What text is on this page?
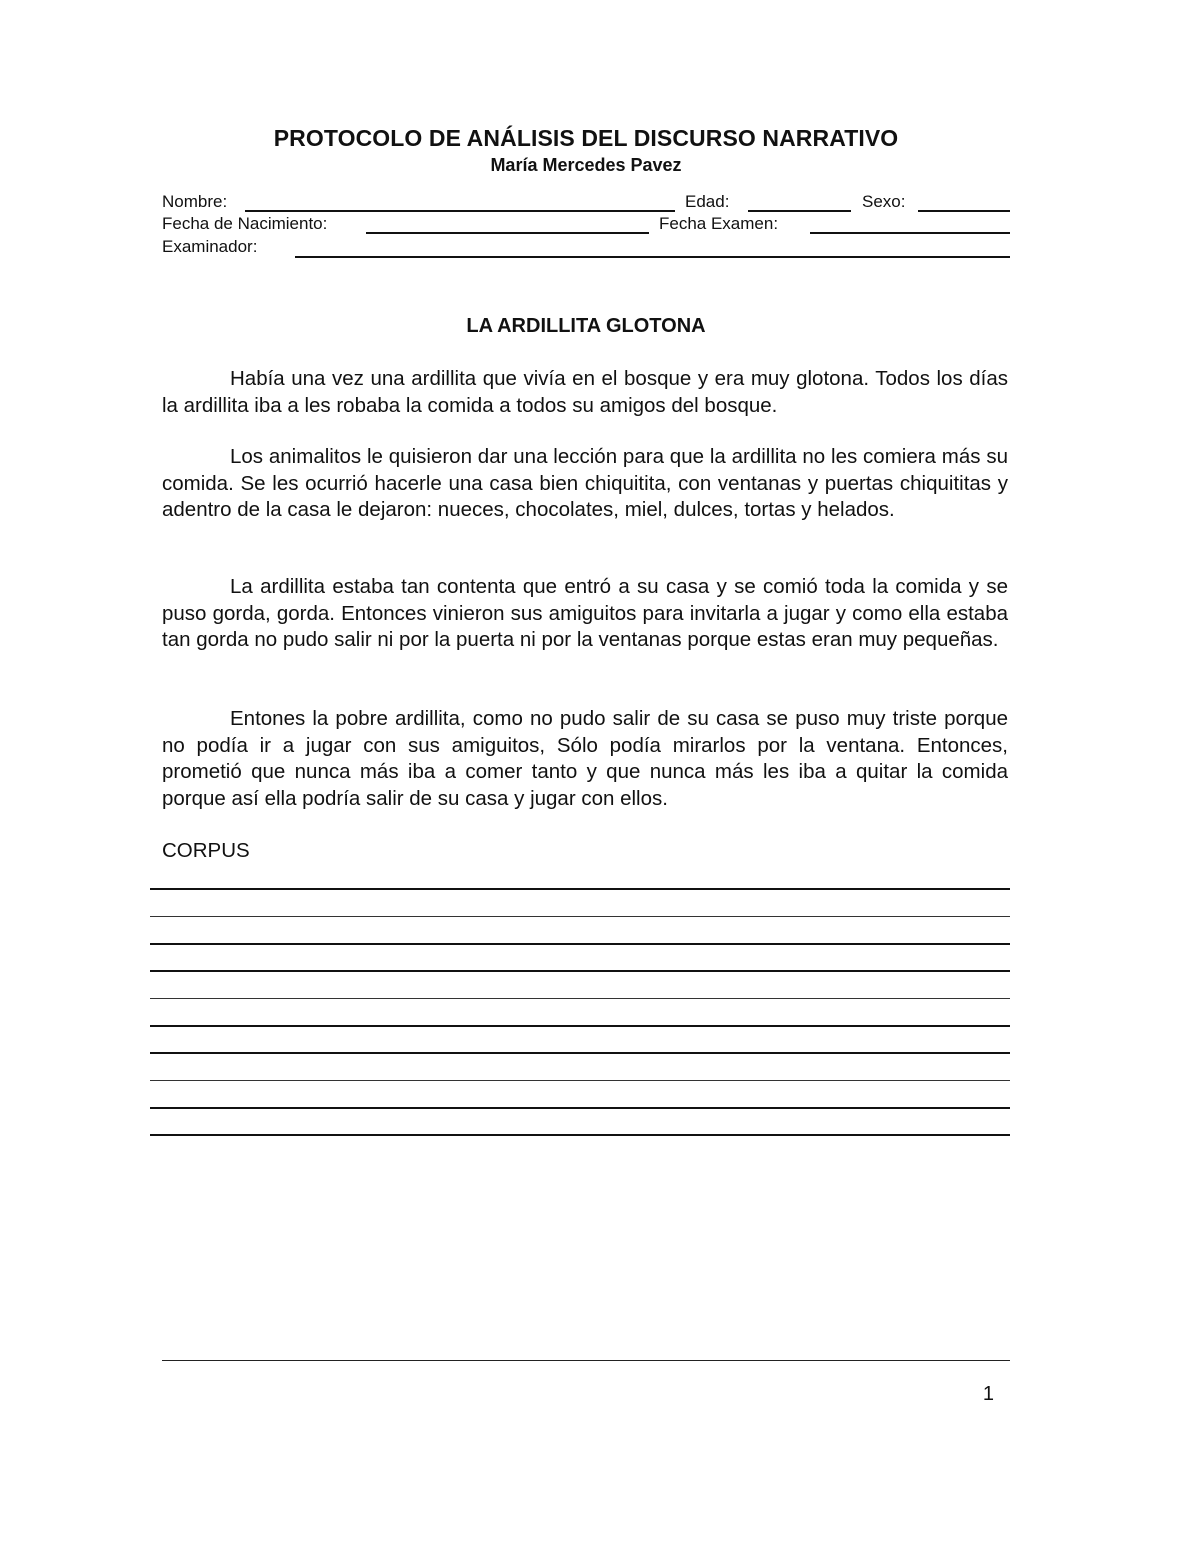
PROTOCOLO DE ANÁLISIS DEL DISCURSO NARRATIVO
María Mercedes Pavez
Nombre:	Edad:	Sexo:
Fecha de Nacimiento:	Fecha Examen:
Examinador:
LA ARDILLITA GLOTONA

Había una vez una ardillita que vivía en el bosque y era muy glotona. Todos los días la ardillita iba a les robaba la comida a todos su amigos del bosque.

Los animalitos le quisieron dar una lección para que la ardillita no les comiera más su comida. Se les ocurrió hacerle una casa bien chiquitita, con ventanas y puertas chiquititas y adentro de la casa le dejaron: nueces, chocolates, miel, dulces, tortas y helados.

La ardillita estaba tan contenta que entró a su casa y se comió toda la comida y se puso gorda, gorda. Entonces vinieron sus amiguitos para invitarla a jugar y como ella estaba tan gorda no pudo salir ni por la puerta ni por la ventanas porque estas eran muy pequeñas.

Entones la pobre ardillita, como no pudo salir de su casa se puso muy triste porque no podía ir a jugar con sus amiguitos, Sólo podía mirarlos por la ventana. Entonces, prometió que nunca más iba a comer tanto y que nunca más les iba a quitar la comida porque así ella podría salir de su casa y jugar con ellos.

CORPUS
1
